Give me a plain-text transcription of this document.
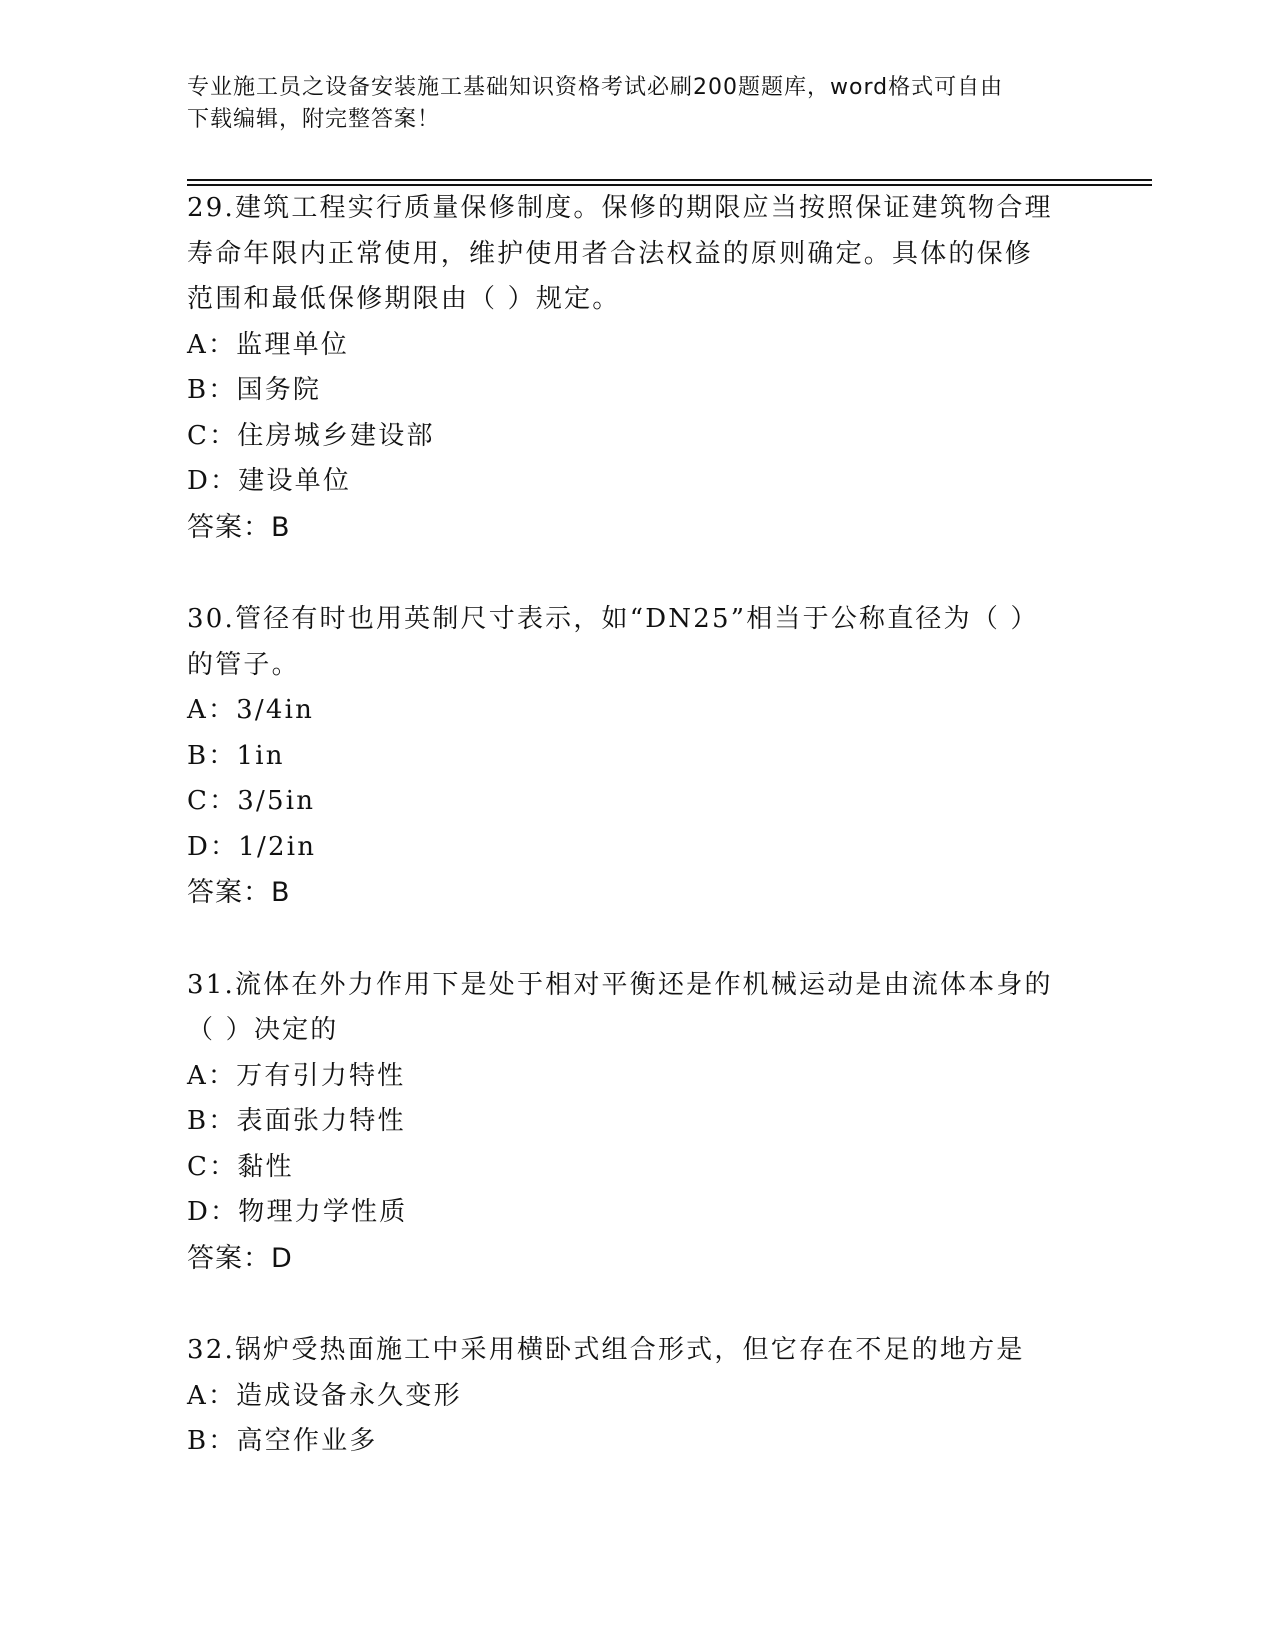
专业施工员之设备安装施工基础知识资格考试必刷200题题库，word格式可自由
下载编辑，附完整答案！
29.建筑工程实行质量保修制度。保修的期限应当按照保证建筑物合理
寿命年限内正常使用，维护使用者合法权益的原则确定。具体的保修
范围和最低保修期限由（ ）规定。
A：监理单位
B：国务院
C：住房城乡建设部
D：建设单位
答案：B
30.管径有时也用英制尺寸表示，如“DN25”相当于公称直径为（ ）
的管子。
A：3/4in
B：1in
C：3/5in
D：1/2in
答案：B
31.流体在外力作用下是处于相对平衡还是作机械运动是由流体本身的
（ ）决定的
A：万有引力特性
B：表面张力特性
C：黏性
D：物理力学性质
答案：D
32.锅炉受热面施工中采用横卧式组合形式，但它存在不足的地方是
A：造成设备永久变形
B：高空作业多
